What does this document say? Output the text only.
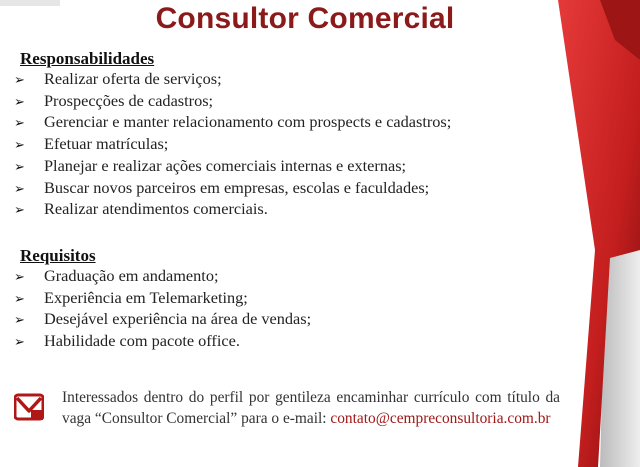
Consultor Comercial
Responsabilidades
➢	Realizar oferta de serviços;
➢	Prospecções de cadastros;
➢	Gerenciar e manter relacionamento com prospects e cadastros;
➢	Efetuar matrículas;
➢	Planejar e realizar ações comerciais internas e externas;
➢	Buscar novos parceiros em empresas, escolas e faculdades;
➢	Realizar atendimentos comerciais.
Requisitos
➢	Graduação em andamento;
➢	Experiência em Telemarketing;
➢	Desejável experiência na área de vendas;
➢	Habilidade com pacote office.
Interessados dentro do perfil por gentileza encaminhar currículo com título da vaga “Consultor Comercial” para o e-mail: contato@cempreconsultoria.com.br
